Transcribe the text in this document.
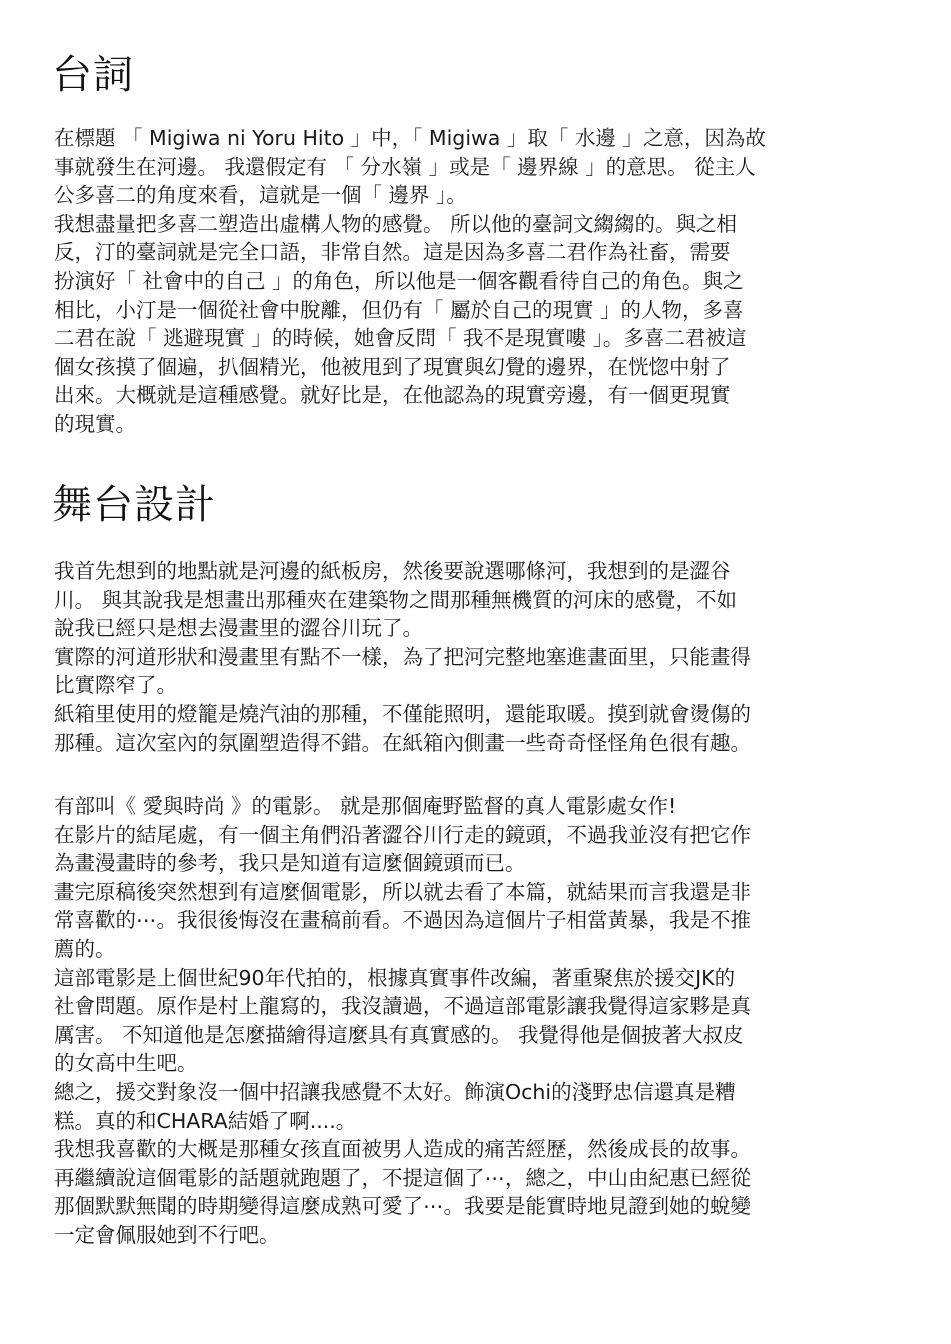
台詞

在標題 「 Migiwa ni Yoru Hito 」中，「 Migiwa 」取「 水邊 」之意，因為故
事就發生在河邊。 我還假定有 「 分水嶺 」或是「 邊界線 」的意思。 從主人
公多喜二的角度來看，這就是一個「 邊界 」。
我想盡量把多喜二塑造出虛構人物的感覺。 所以他的臺詞文縐縐的。與之相
反，汀的臺詞就是完全口語，非常自然。這是因為多喜二君作為社畜，需要
扮演好「 社會中的自己 」的角色，所以他是一個客觀看待自己的角色。與之
相比，小汀是一個從社會中脫離，但仍有「 屬於自己的現實 」的人物，多喜
二君在說「 逃避現實 」的時候，她會反問「 我不是現實嘍 」。多喜二君被這
個女孩摸了個遍，扒個精光，他被甩到了現實與幻覺的邊界，在恍惚中射了
出來。大概就是這種感覺。就好比是，在他認為的現實旁邊，有一個更現實
的現實。

舞台設計

我首先想到的地點就是河邊的紙板房，然後要說選哪條河，我想到的是澀谷
川。 與其說我是想畫出那種夾在建築物之間那種無機質的河床的感覺，不如
說我已經只是想去漫畫里的澀谷川玩了。
實際的河道形狀和漫畫里有點不一樣，為了把河完整地塞進畫面里，只能畫得
比實際窄了。
紙箱里使用的燈籠是燒汽油的那種，不僅能照明，還能取暖。摸到就會燙傷的
那種。這次室內的氛圍塑造得不錯。在紙箱內側畫一些奇奇怪怪角色很有趣。

有部叫《 愛與時尚 》的電影。 就是那個庵野監督的真人電影處女作!
在影片的結尾處，有一個主角們沿著澀谷川行走的鏡頭，不過我並沒有把它作
為畫漫畫時的參考，我只是知道有這麼個鏡頭而已。
畫完原稿後突然想到有這麼個電影，所以就去看了本篇，就結果而言我還是非
常喜歡的⋯。我很後悔沒在畫稿前看。不過因為這個片子相當黃暴，我是不推
薦的。
這部電影是上個世紀90年代拍的，根據真實事件改編，著重聚焦於援交JK的
社會問題。原作是村上龍寫的，我沒讀過，不過這部電影讓我覺得這家夥是真
厲害。 不知道他是怎麼描繪得這麼具有真實感的。 我覺得他是個披著大叔皮
的女高中生吧。
總之，援交對象沒一個中招讓我感覺不太好。飾演Ochi的淺野忠信還真是糟
糕。真的和CHARA結婚了啊....。
我想我喜歡的大概是那種女孩直面被男人造成的痛苦經歷，然後成長的故事。
再繼續說這個電影的話題就跑題了，不提這個了⋯，總之，中山由紀惠已經從
那個默默無聞的時期變得這麼成熟可愛了⋯。我要是能實時地見證到她的蛻變
一定會佩服她到不行吧。
